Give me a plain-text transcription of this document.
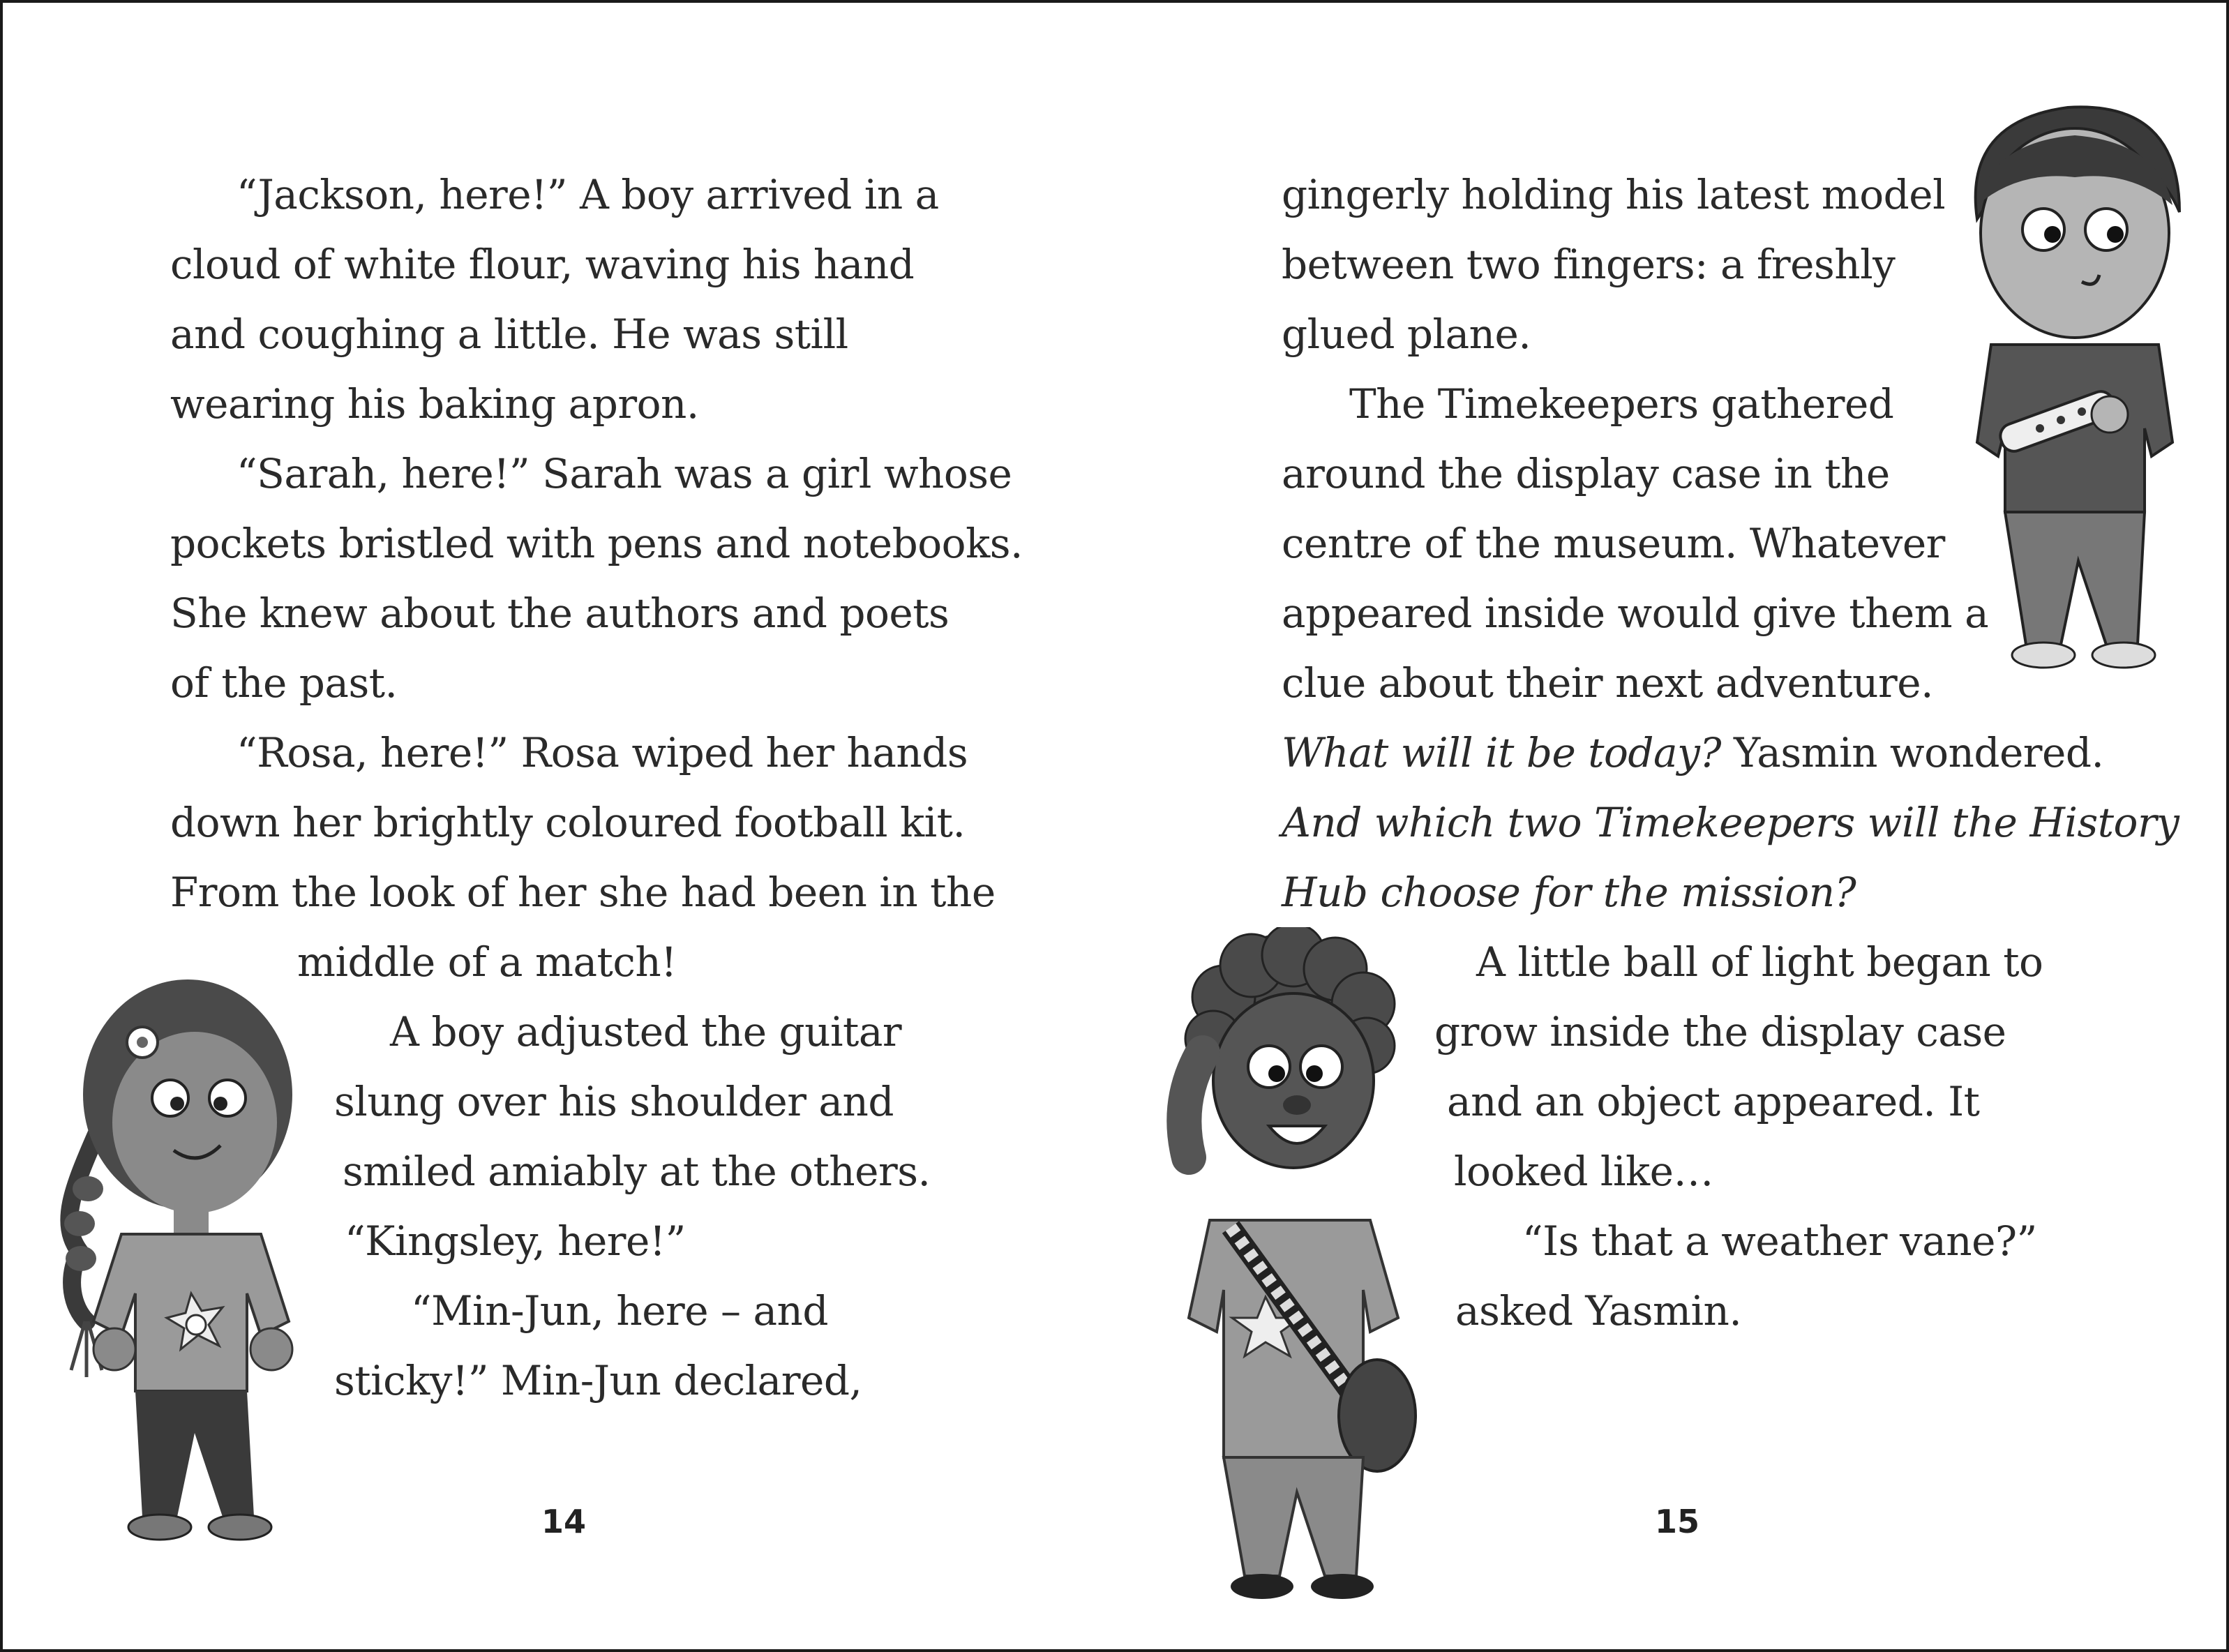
“Jackson, here!” A boy arrived in a
cloud of white flour, waving his hand
and coughing a little. He was still
wearing his baking apron.
“Sarah, here!” Sarah was a girl whose
pockets bristled with pens and notebooks.
She knew about the authors and poets
of the past.
“Rosa, here!” Rosa wiped her hands
down her brightly coloured football kit.
From the look of her she had been in the
middle of a match!
A boy adjusted the guitar
slung over his shoulder and
smiled amiably at the others.
“Kingsley, here!”
“Min-Jun, here – and
sticky!” Min-Jun declared,
14
gingerly holding his latest model
between two fingers: a freshly
glued plane.
The Timekeepers gathered
around the display case in the
centre of the museum. Whatever
appeared inside would give them a
clue about their next adventure.
What will it be today? Yasmin wondered.
And which two Timekeepers will the History
Hub choose for the mission?
A little ball of light began to
grow inside the display case
and an object appeared. It
looked like…
“Is that a weather vane?”
asked Yasmin.
15
